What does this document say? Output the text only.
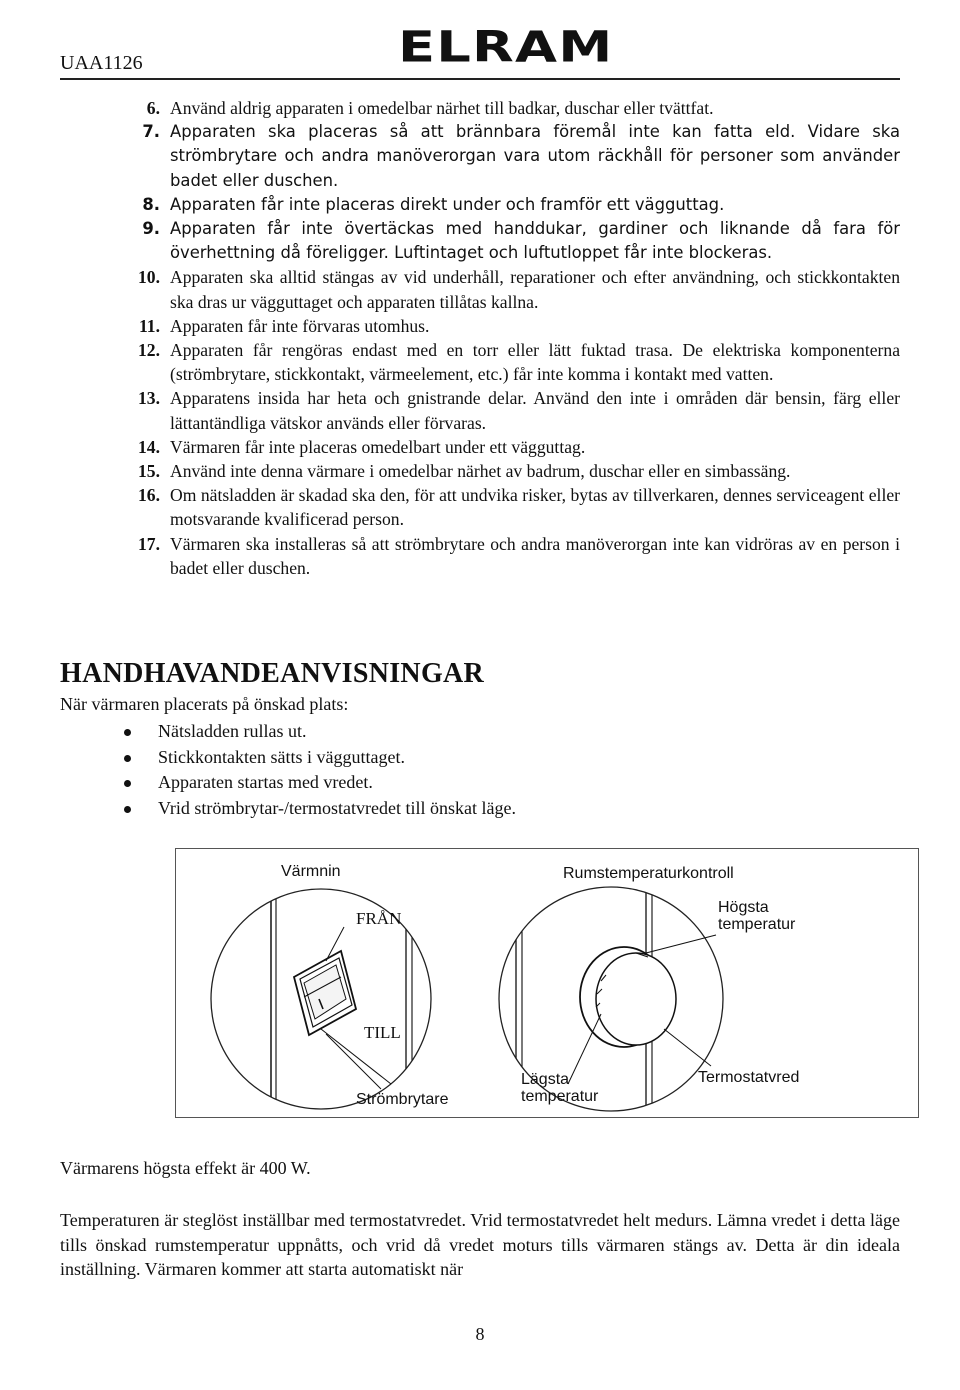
UAA1126	ELRAM
6. Använd aldrig apparaten i omedelbar närhet till badkar, duschar eller tvättfat.

7. Apparaten ska placeras så att brännbara föremål inte kan fatta eld. Vidare ska strömbrytare och andra manöverorgan vara utom räckhåll för personer som använder badet eller duschen.

8. Apparaten får inte placeras direkt under och framför ett vägguttag.

9. Apparaten får inte övertäckas med handdukar, gardiner och liknande då fara för överhettning då föreligger. Luftintaget och luftutloppet får inte blockeras.

10. Apparaten ska alltid stängas av vid underhåll, reparationer och efter användning, och stickkontakten ska dras ur vägguttaget och apparaten tillåtas kallna.

11. Apparaten får inte förvaras utomhus.

12. Apparaten får rengöras endast med en torr eller lätt fuktad trasa. De elektriska komponenterna (strömbrytare, stickkontakt, värmeelement, etc.) får inte komma i kontakt med vatten.

13. Apparatens insida har heta och gnistrande delar. Använd den inte i områden där bensin, färg eller lättantändliga vätskor används eller förvaras.

14. Värmaren får inte placeras omedelbart under ett vägguttag.

15. Använd inte denna värmare i omedelbar närhet av badrum, duschar eller en simbassäng.

16. Om nätsladden är skadad ska den, för att undvika risker, bytas av tillverkaren, dennes serviceagent eller motsvarande kvalificerad person.

17. Värmaren ska installeras så att strömbrytare och andra manöverorgan inte kan vidröras av en person i badet eller duschen.

HANDHAVANDEANVISNINGAR
När värmaren placerats på önskad plats:
Nätsladden rullas ut.
Stickkontakten sätts i vägguttaget.
Apparaten startas med vredet.
Vrid strömbrytar-/termostatvredet till önskat läge.
Värmnin
FRÅN
TILL
Strömbrytare
Rumstemperaturkontroll
Högsta
temperatur
Lägsta
temperatur
Termostatvred
Värmarens högsta effekt är 400 W.
Temperaturen är steglöst inställbar med termostatvredet. Vrid termostatvredet helt medurs. Lämna vredet i detta läge tills önskad rumstemperatur uppnåtts, och vrid då vredet moturs tills värmaren stängs av. Detta är din ideala inställning. Värmaren kommer att starta automatiskt när
8
